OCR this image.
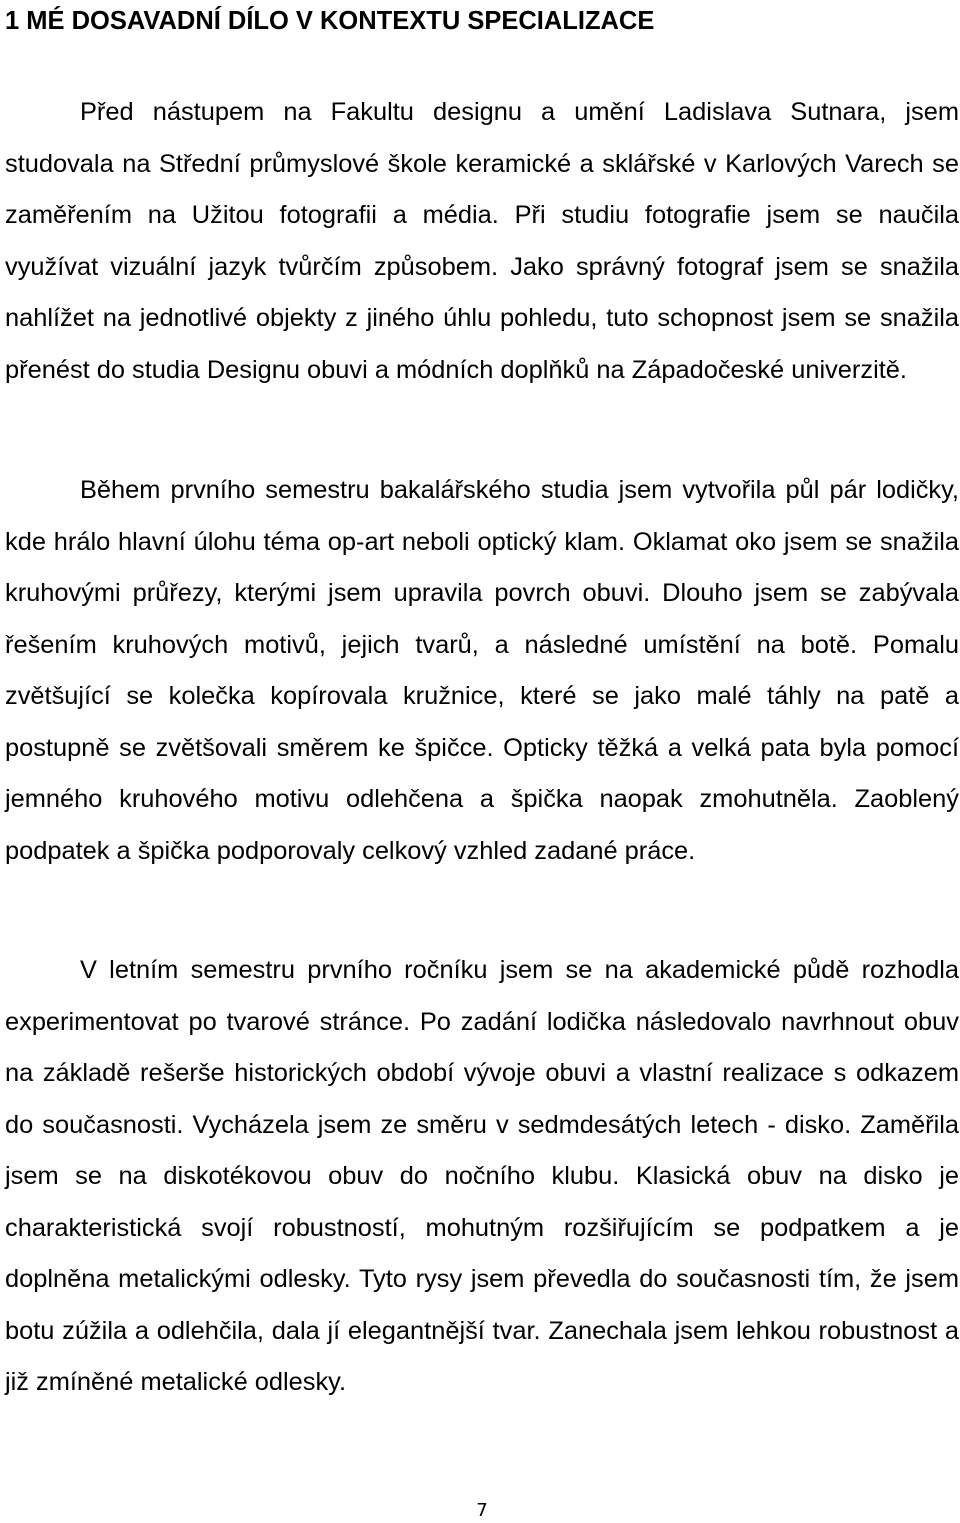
1 MÉ DOSAVADNÍ DÍLO V KONTEXTU SPECIALIZACE

Před nástupem na Fakultu designu a umění Ladislava Sutnara, jsem studovala na Střední průmyslové škole keramické a sklářské v Karlových Varech se zaměřením na Užitou fotografii a média. Při studiu fotografie jsem se naučila využívat vizuální jazyk tvůrčím způsobem. Jako správný fotograf jsem se snažila nahlížet na jednotlivé objekty z jiného úhlu pohledu, tuto schopnost jsem se snažila přenést do studia Designu obuvi a módních doplňků na Západočeské univerzitě.

Během prvního semestru bakalářského studia jsem vytvořila půl pár lodičky, kde hrálo hlavní úlohu téma op-art neboli optický klam. Oklamat oko jsem se snažila kruhovými průřezy, kterými jsem upravila povrch obuvi. Dlouho jsem se zabývala řešením kruhových motivů, jejich tvarů, a následné umístění na botě. Pomalu zvětšující se kolečka kopírovala kružnice, které se jako malé táhly na patě a postupně se zvětšovali směrem ke špičce. Opticky těžká a velká pata byla pomocí jemného kruhového motivu odlehčena a špička naopak zmohutněla. Zaoblený podpatek a špička podporovaly celkový vzhled zadané práce.

V letním semestru prvního ročníku jsem se na akademické půdě rozhodla experimentovat po tvarové stránce. Po zadání lodička následovalo navrhnout obuv na základě rešerše historických období vývoje obuvi a vlastní realizace s odkazem do současnosti. Vycházela jsem ze směru v sedmdesátých letech - disko. Zaměřila jsem se na diskotékovou obuv do nočního klubu. Klasická obuv na disko je charakteristická svojí robustností, mohutným rozšiřujícím se podpatkem a je doplněna metalickými odlesky. Tyto rysy jsem převedla do současnosti tím, že jsem botu zúžila a odlehčila, dala jí elegantnější tvar. Zanechala jsem lehkou robustnost a již zmíněné metalické odlesky.

7
